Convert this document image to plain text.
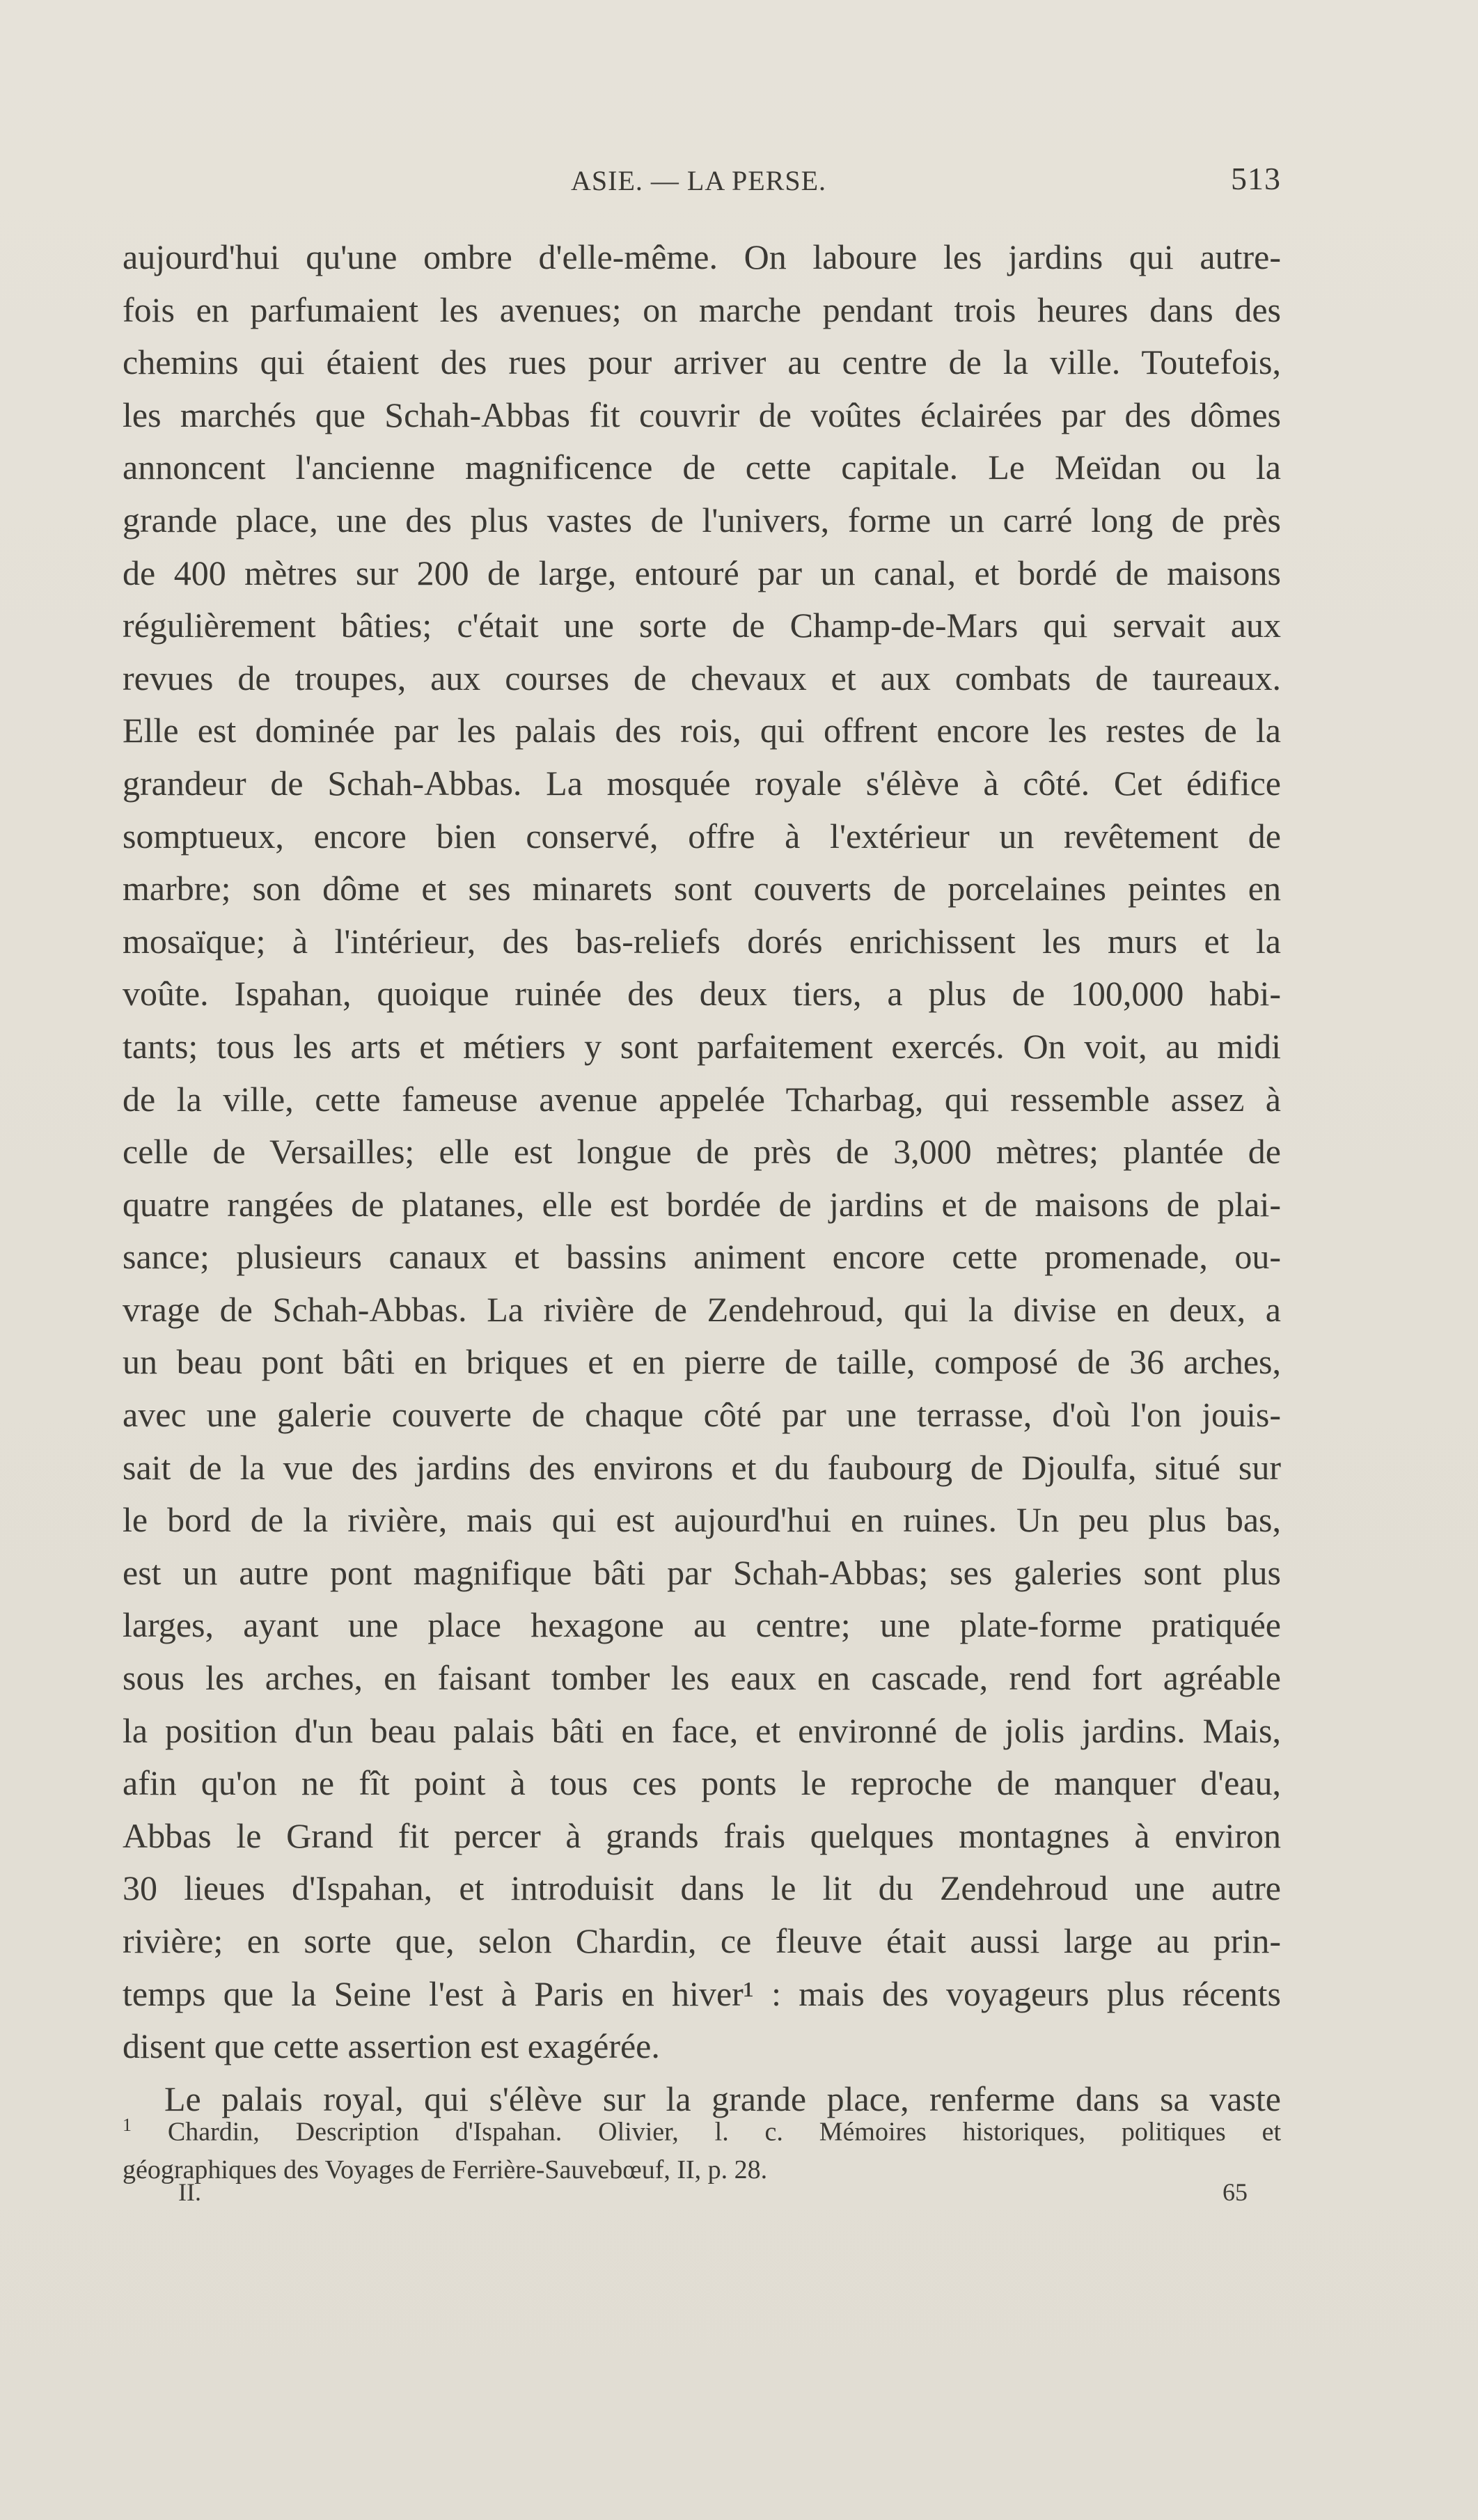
ASIE. — LA PERSE.	513
aujourd'hui qu'une ombre d'elle-même. On laboure les jardins qui autre-
fois en parfumaient les avenues; on marche pendant trois heures dans des
chemins qui étaient des rues pour arriver au centre de la ville. Toutefois,
les marchés que Schah-Abbas fit couvrir de voûtes éclairées par des dômes
annoncent l'ancienne magnificence de cette capitale. Le Meïdan ou la
grande place, une des plus vastes de l'univers, forme un carré long de près
de 400 mètres sur 200 de large, entouré par un canal, et bordé de maisons
régulièrement bâties; c'était une sorte de Champ-de-Mars qui servait aux
revues de troupes, aux courses de chevaux et aux combats de taureaux.
Elle est dominée par les palais des rois, qui offrent encore les restes de la
grandeur de Schah-Abbas. La mosquée royale s'élève à côté. Cet édifice
somptueux, encore bien conservé, offre à l'extérieur un revêtement de
marbre; son dôme et ses minarets sont couverts de porcelaines peintes en
mosaïque; à l'intérieur, des bas-reliefs dorés enrichissent les murs et la
voûte. Ispahan, quoique ruinée des deux tiers, a plus de 100,000 habi-
tants; tous les arts et métiers y sont parfaitement exercés. On voit, au midi
de la ville, cette fameuse avenue appelée Tcharbag, qui ressemble assez à
celle de Versailles; elle est longue de près de 3,000 mètres; plantée de
quatre rangées de platanes, elle est bordée de jardins et de maisons de plai-
sance; plusieurs canaux et bassins animent encore cette promenade, ou-
vrage de Schah-Abbas. La rivière de Zendehroud, qui la divise en deux, a
un beau pont bâti en briques et en pierre de taille, composé de 36 arches,
avec une galerie couverte de chaque côté par une terrasse, d'où l'on jouis-
sait de la vue des jardins des environs et du faubourg de Djoulfa, situé sur
le bord de la rivière, mais qui est aujourd'hui en ruines. Un peu plus bas,
est un autre pont magnifique bâti par Schah-Abbas; ses galeries sont plus
larges, ayant une place hexagone au centre; une plate-forme pratiquée
sous les arches, en faisant tomber les eaux en cascade, rend fort agréable
la position d'un beau palais bâti en face, et environné de jolis jardins. Mais,
afin qu'on ne fît point à tous ces ponts le reproche de manquer d'eau,
Abbas le Grand fit percer à grands frais quelques montagnes à environ
30 lieues d'Ispahan, et introduisit dans le lit du Zendehroud une autre
rivière; en sorte que, selon Chardin, ce fleuve était aussi large au prin-
temps que la Seine l'est à Paris en hiver¹ : mais des voyageurs plus récents
disent que cette assertion est exagérée.
Le palais royal, qui s'élève sur la grande place, renferme dans sa vaste
$^1$ Chardin, Description d'Ispahan. Olivier, l. c. Mémoires historiques, politiques et
géographiques des Voyages de Ferrière-Sauvebœuf, II, p. 28.
II.	65
